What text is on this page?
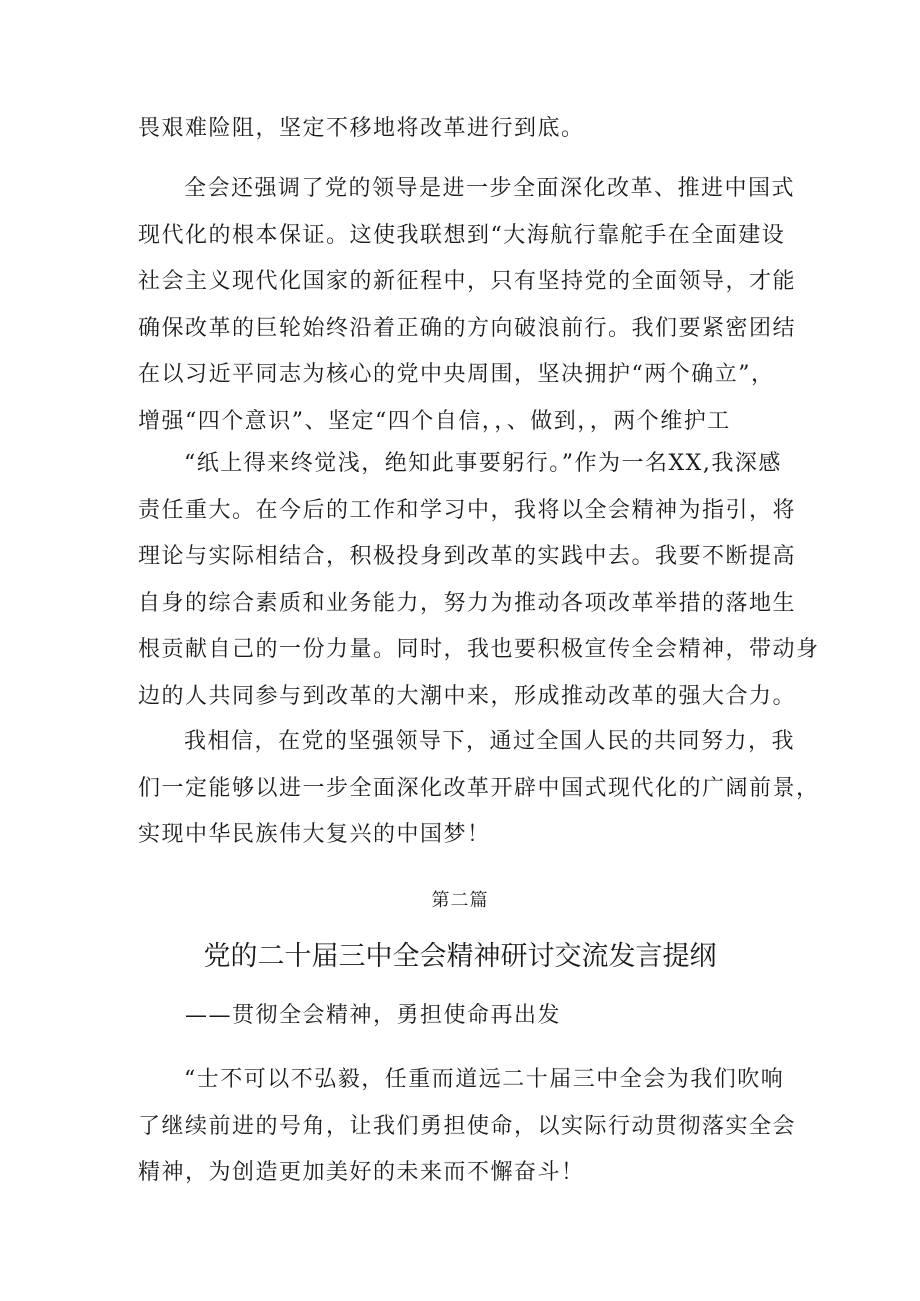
畏艰难险阻，坚定不移地将改革进行到底。
全会还强调了党的领导是进一步全面深化改革、推进中国式
现代化的根本保证。这使我联想到“大海航行靠舵手在全面建设
社会主义现代化国家的新征程中，只有坚持党的全面领导，才能
确保改革的巨轮始终沿着正确的方向破浪前行。我们要紧密团结
在以习近平同志为核心的党中央周围，坚决拥护“两个确立”，
增强“四个意识”、坚定“四个自信，，、做到，，两个维护工
“纸上得来终觉浅，绝知此事要躬行。”作为一名XX,我深感
责任重大。在今后的工作和学习中，我将以全会精神为指引，将
理论与实际相结合，积极投身到改革的实践中去。我要不断提高
自身的综合素质和业务能力，努力为推动各项改革举措的落地生
根贡献自己的一份力量。同时，我也要积极宣传全会精神，带动身
边的人共同参与到改革的大潮中来，形成推动改革的强大合力。
我相信，在党的坚强领导下，通过全国人民的共同努力，我
们一定能够以进一步全面深化改革开辟中国式现代化的广阔前景，
实现中华民族伟大复兴的中国梦！

第二篇

党的二十届三中全会精神研讨交流发言提纲

——贯彻全会精神，勇担使命再出发

“士不可以不弘毅，任重而道远二十届三中全会为我们吹响
了继续前进的号角，让我们勇担使命，以实际行动贯彻落实全会
精神，为创造更加美好的未来而不懈奋斗！
